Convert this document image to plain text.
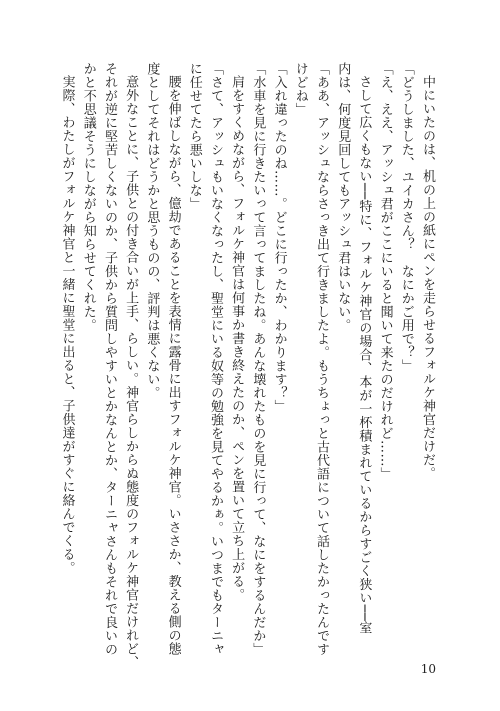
中にいたのは、机の上の紙にペンを走らせるフォルケ神官だけだ。
「どうしました、ユイカさん？　なにかご用で？」
「え、ええ、アッシュ君がここにいると聞いて来たのだけれど……」
さして広くもない──特に、フォルケ神官の場合、本が一杯積まれているからすごく狭い──室
内は、何度見回してもアッシュ君はいない。
「ああ、アッシュならさっき出て行きましたよ。もうちょっと古代語について話したかったんです
けどね」
「入れ違ったのね……。どこに行ったか、わかります？」
「水車を見に行きたいって言ってましたね。あんな壊れたものを見に行って、なにをするんだか」
肩をすくめながら、フォルケ神官は何事か書き終えたのか、ペンを置いて立ち上がる。
「さて、アッシュもいなくなったし、聖堂にいる奴等の勉強を見てやるかぁ。いつまでもターニャ
に任せてたら悪いしな」
腰を伸ばしながら、億劫であることを表情に露骨に出すフォルケ神官。いささか、教える側の態
度としてそれはどうかと思うものの、評判は悪くない。
意外なことに、子供との付き合いが上手、らしい。神官らしからぬ態度のフォルケ神官だけれど、
それが逆に堅苦しくないのか、子供から質問しやすいとかなんとか、ターニャさんもそれで良いの
かと不思議そうにしながら知らせてくれた。
実際、わたしがフォルケ神官と一緒に聖堂に出ると、子供達がすぐに絡んでくる。
10
